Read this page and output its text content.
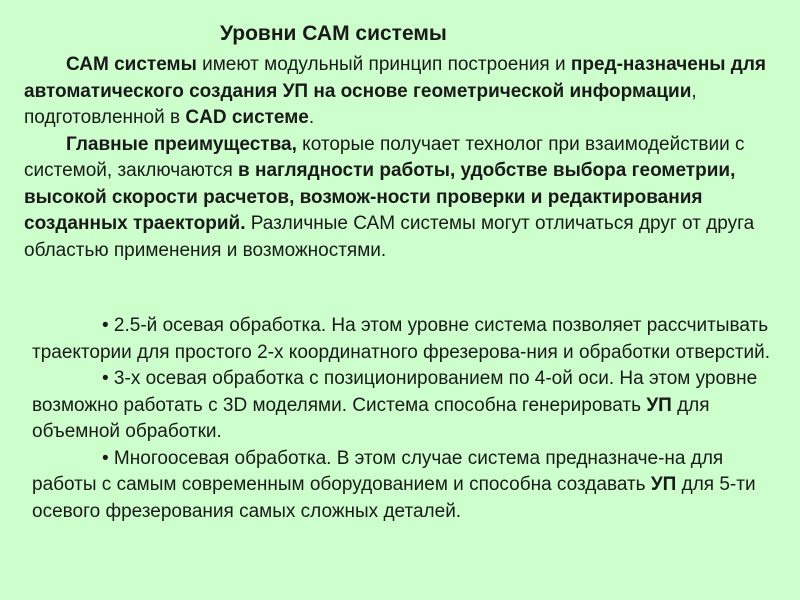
Уровни САМ системы

САМ системы имеют модульный принцип построения и пред-назначены для автоматического создания УП на основе геометрической информации, подготовленной в CAD системе.

Главные преимущества, которые получает технолог при взаимодействии с системой, заключаются в наглядности работы, удобстве выбора геометрии, высокой скорости расчетов, возмож-ности проверки и редактирования созданных траекторий. Различные САМ системы могут отличаться друг от друга областью применения и возможностями.

• 2.5-й осевая обработка. На этом уровне система позволяет рассчитывать траектории для простого 2-х координатного фрезерова-ния и обработки отверстий.

• 3-х осевая обработка с позиционированием по 4-ой оси. На этом уровне возможно работать с 3D моделями. Система способна генерировать УП для объемной обработки.

• Многоосевая обработка. В этом случае система предназначе-на для работы с самым современным оборудованием и способна создавать УП для 5-ти осевого фрезерования самых сложных деталей.
